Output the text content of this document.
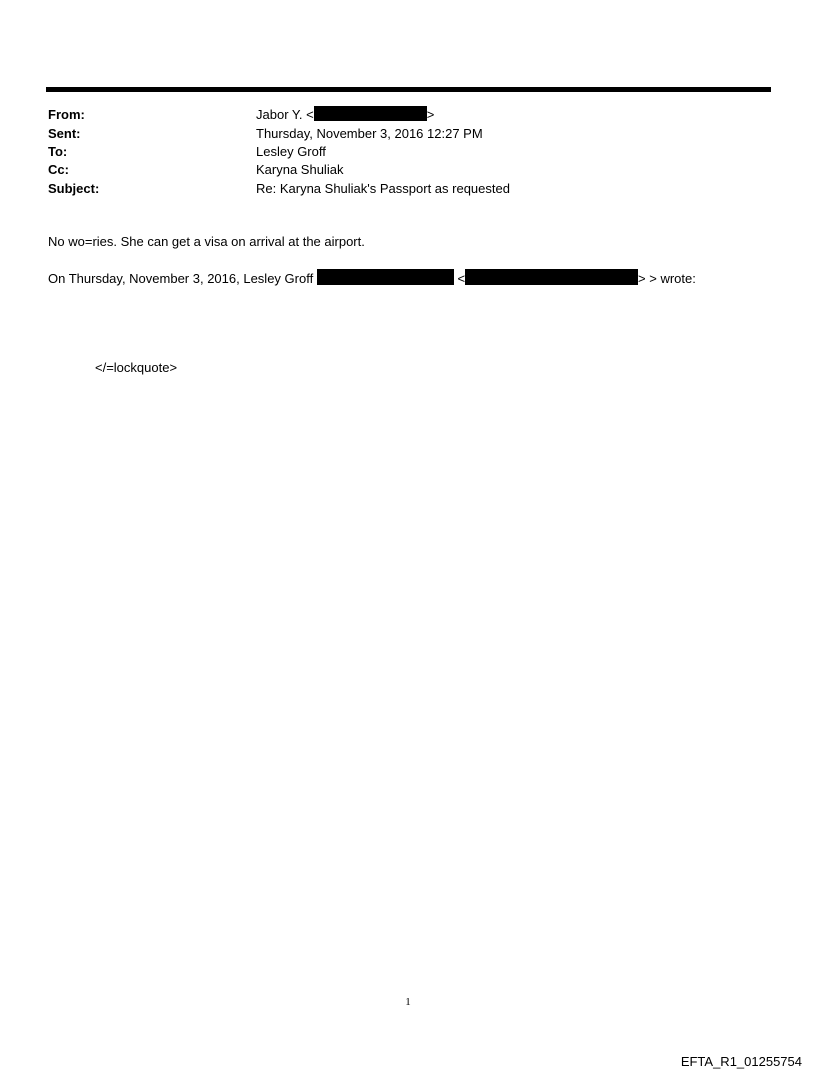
From:	Jabor Y. <	>
Sent:	Thursday, November 3, 2016 12:27 PM
To:	Lesley Groff
Cc:	Karyna Shuliak
Subject:	Re: Karyna Shuliak's Passport as requested
No wo=ries. She can get a visa on arrival at the airport.
On Thursday, November 3, 2016, Lesley Groff	<	> > wrote:
</=lockquote>
1
EFTA_R1_01255754
